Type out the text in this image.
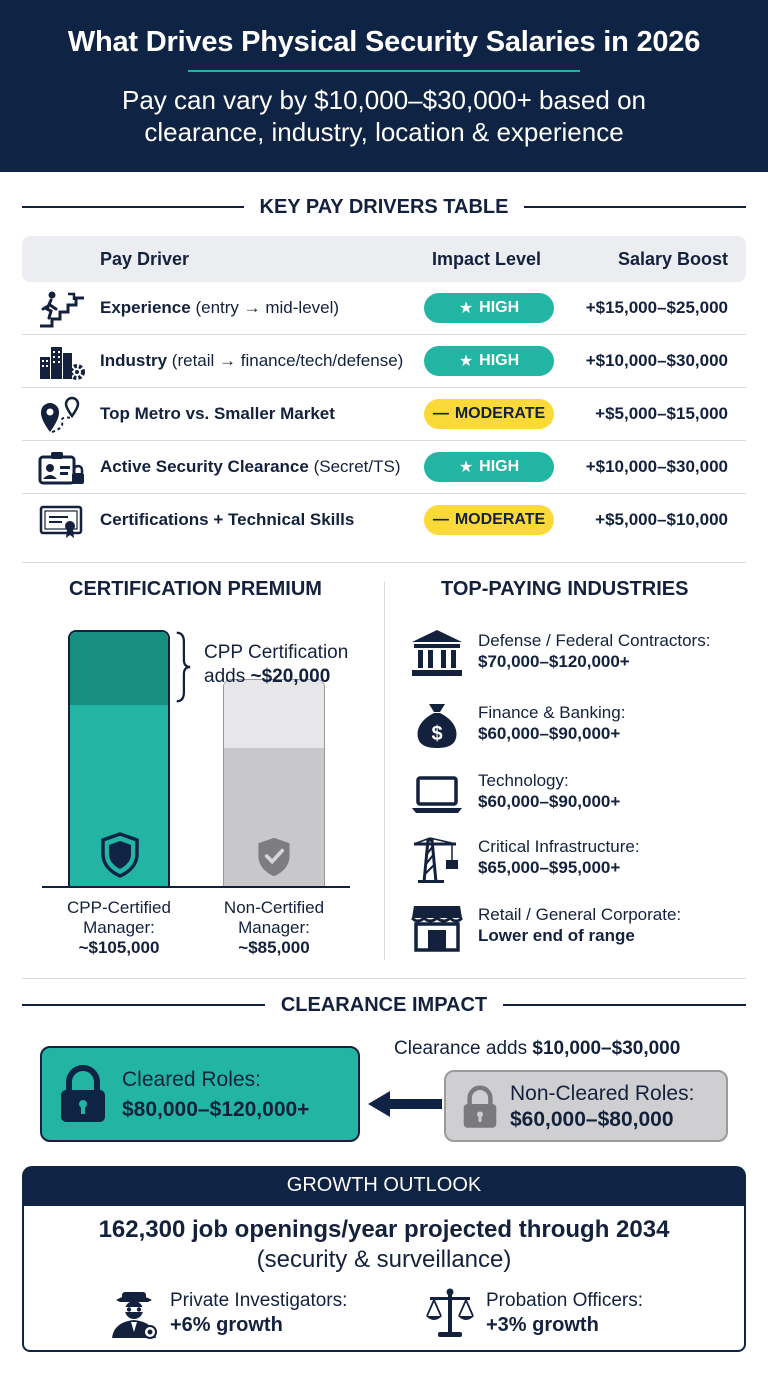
What Drives Physical Security Salaries in 2026
Pay can vary by $10,000–$30,000+ based on
clearance, industry, location & experience
KEY PAY DRIVERS TABLE
Pay Driver	Impact Level	Salary Boost
Experience (entry → mid-level)	★ HIGH	+$15,000–$25,000
Industry (retail → finance/tech/defense)	★ HIGH	+$10,000–$30,000
Top Metro vs. Smaller Market	— MODERATE	+$5,000–$15,000
Active Security Clearance (Secret/TS)	★ HIGH	+$10,000–$30,000
Certifications + Technical Skills	— MODERATE	+$5,000–$10,000
CERTIFICATION PREMIUM
CPP Certification
adds ~$20,000
CPP-Certified
Manager:
~$105,000
Non-Certified
Manager:
~$85,000
TOP-PAYING INDUSTRIES
Defense / Federal Contractors:
$70,000–$120,000+
$
Finance & Banking:
$60,000–$90,000+
Technology:
$60,000–$90,000+
Critical Infrastructure:
$65,000–$95,000+
Retail / General Corporate:
Lower end of range
CLEARANCE IMPACT
Clearance adds $10,000–$30,000
Cleared Roles:
$80,000–$120,000+
Non-Cleared Roles:
$60,000–$80,000
GROWTH OUTLOOK
162,300 job openings/year projected through 2034
(security & surveillance)
Private Investigators:
+6% growth
Probation Officers:
+3% growth
